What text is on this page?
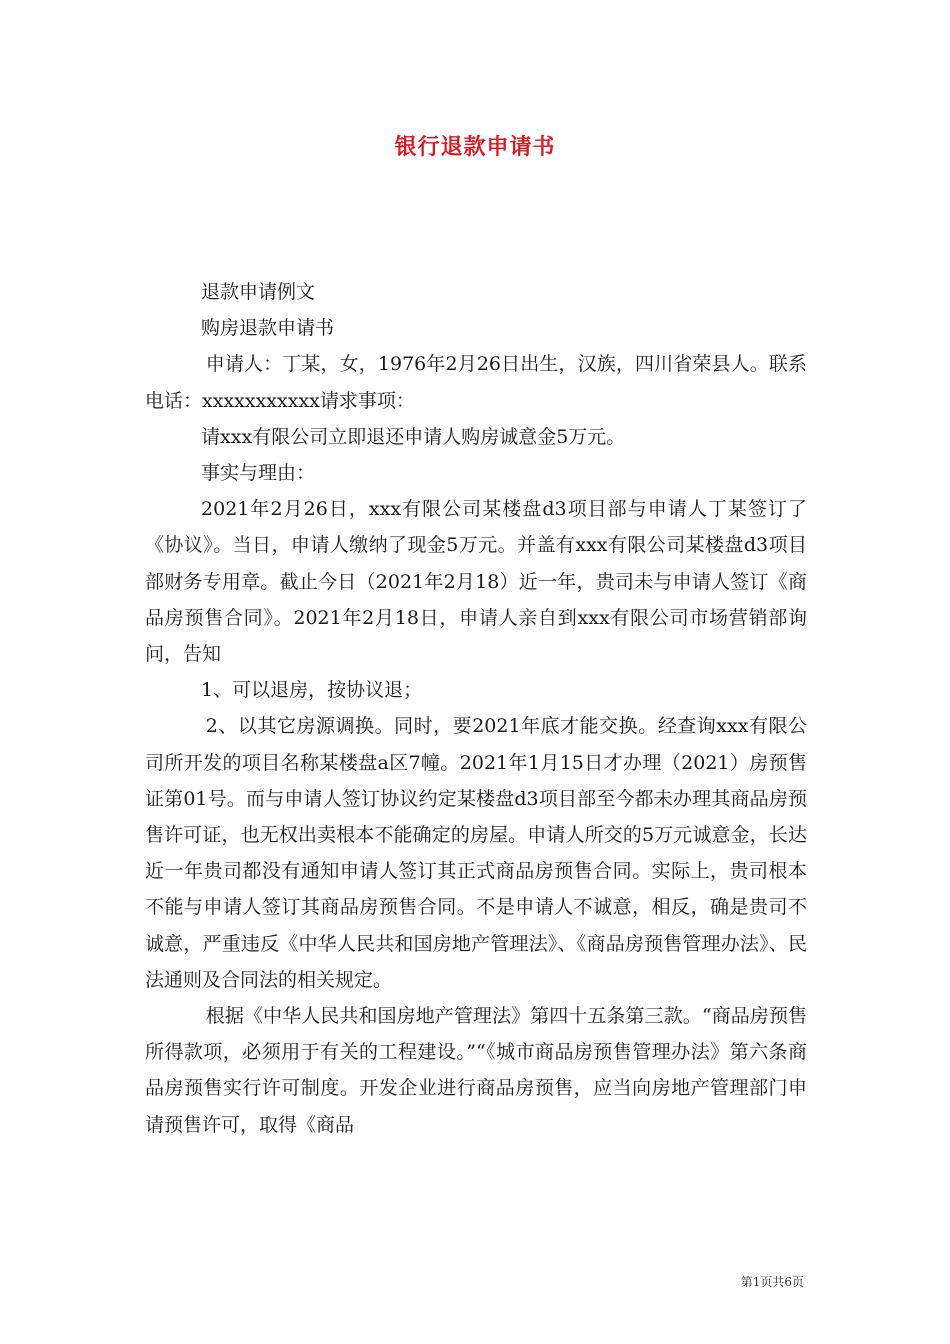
银行退款申请书

退款申请例文

购房退款申请书

申请人：丁某，女，1976年2月26日出生，汉族，四川省荣县人。联系电话：xxxxxxxxxxx请求事项：

请xxx有限公司立即退还申请人购房诚意金5万元。

事实与理由：

2021年2月26日，xxx有限公司某楼盘d3项目部与申请人丁某签订了《协议》。当日，申请人缴纳了现金5万元。并盖有xxx有限公司某楼盘d3项目部财务专用章。截止今日（2021年2月18）近一年，贵司未与申请人签订《商品房预售合同》。2021年2月18日，申请人亲自到xxx有限公司市场营销部询问，告知

1、可以退房，按协议退；

2、以其它房源调换。同时，要2021年底才能交换。经查询xxx有限公司所开发的项目名称某楼盘a区7幢。2021年1月15日才办理（2021）房预售证第01号。而与申请人签订协议约定某楼盘d3项目部至今都未办理其商品房预售许可证，也无权出卖根本不能确定的房屋。申请人所交的5万元诚意金，长达近一年贵司都没有通知申请人签订其正式商品房预售合同。实际上，贵司根本不能与申请人签订其商品房预售合同。不是申请人不诚意，相反，确是贵司不诚意，严重违反《中华人民共和国房地产管理法》、《商品房预售管理办法》、民法通则及合同法的相关规定。

根据《中华人民共和国房地产管理法》第四十五条第三款。“商品房预售所得款项，必须用于有关的工程建设。”“《城市商品房预售管理办法》第六条商品房预售实行许可制度。开发企业进行商品房预售，应当向房地产管理部门申请预售许可，取得《商品

第1页共6页
